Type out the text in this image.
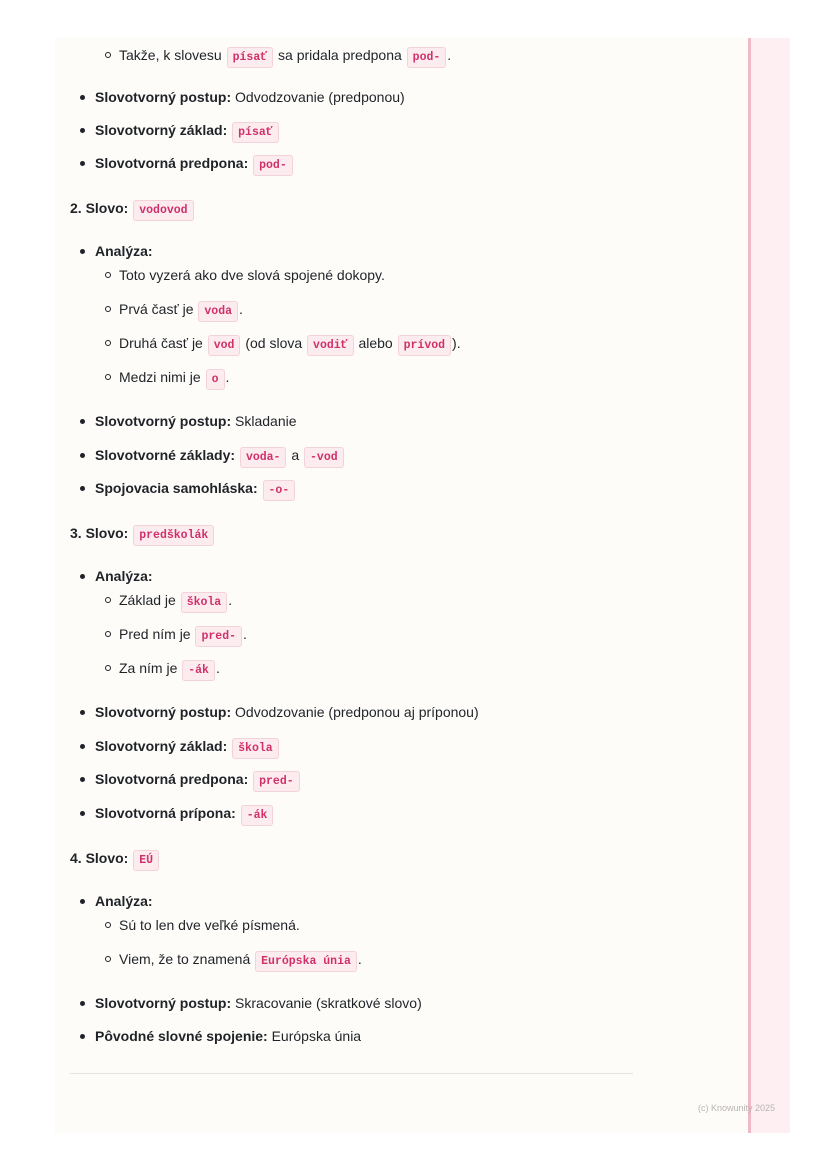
Takže, k slovesu písať sa pridala predpona pod- .
Slovotvorný postup: Odvodzovanie (predponou)
Slovotvorný základ: písať
Slovotvorná predpona: pod-
2. Slovo: vodovod
Analýza:
Toto vyzerá ako dve slová spojené dokopy.
Prvá časť je voda .
Druhá časť je vod (od slova vodiť alebo prívod ).
Medzi nimi je o .
Slovotvorný postup: Skladanie
Slovotvorné základy: voda- a -vod
Spojovacia samohláska: -o-
3. Slovo: predškolák
Analýza:
Základ je škola .
Pred ním je pred- .
Za ním je -ák .
Slovotvorný postup: Odvodzovanie (predponou aj príponou)
Slovotvorný základ: škola
Slovotvorná predpona: pred-
Slovotvorná prípona: -ák
4. Slovo: EÚ
Analýza:
Sú to len dve veľké písmená.
Viem, že to znamená Európska únia .
Slovotvorný postup: Skracovanie (skratkové slovo)
Pôvodné slovné spojenie: Európska únia
(c) Knowunity 2025
